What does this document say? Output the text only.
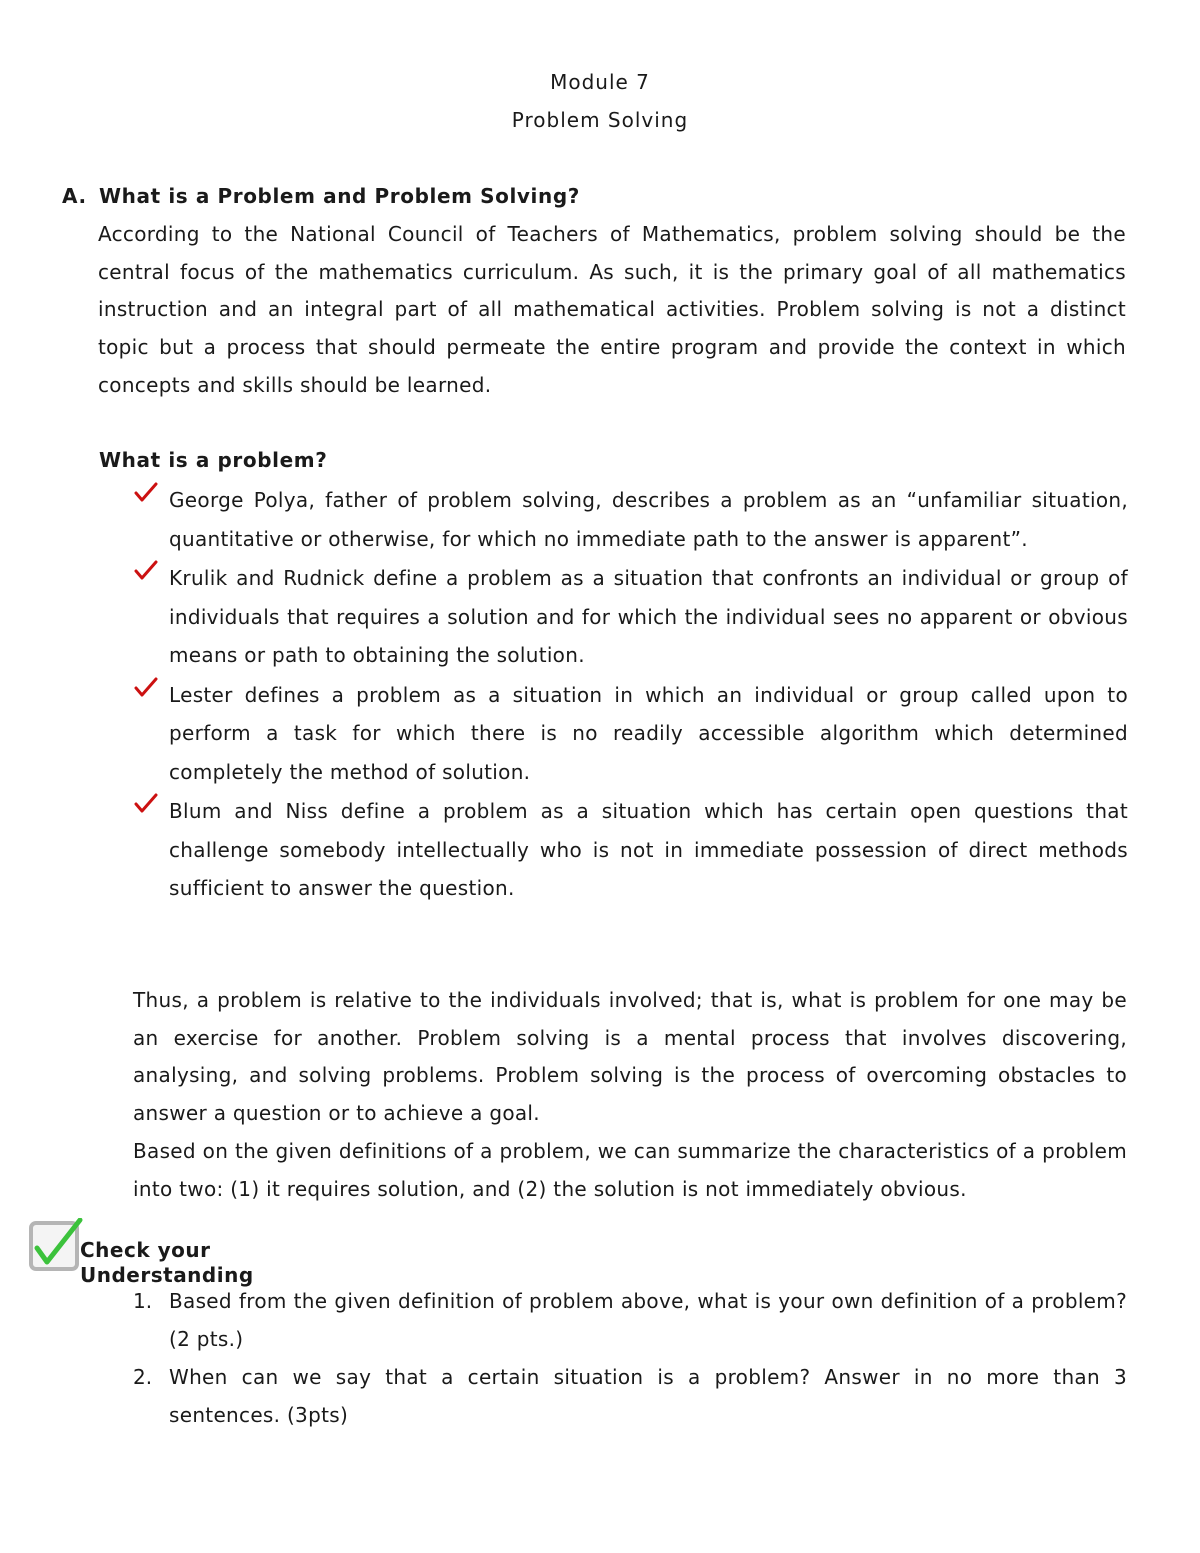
Module 7
Problem Solving
A. What is a Problem and Problem Solving?
According to the National Council of Teachers of Mathematics, problem solving should be the central focus of the mathematics curriculum. As such, it is the primary goal of all mathematics instruction and an integral part of all mathematical activities. Problem solving is not a distinct topic but a process that should permeate the entire program and provide the context in which concepts and skills should be learned.
What is a problem?
George Polya, father of problem solving, describes a problem as an “unfamiliar situation, quantitative or otherwise, for which no immediate path to the answer is apparent”.
Krulik and Rudnick define a problem as a situation that confronts an individual or group of individuals that requires a solution and for which the individual sees no apparent or obvious means or path to obtaining the solution.
Lester defines a problem as a situation in which an individual or group called upon to perform a task for which there is no readily accessible algorithm which determined completely the method of solution.
Blum and Niss define a problem as a situation which has certain open questions that challenge somebody intellectually who is not in immediate possession of direct methods sufficient to answer the question.
Thus, a problem is relative to the individuals involved; that is, what is problem for one may be an exercise for another. Problem solving is a mental process that involves discovering, analysing, and solving problems. Problem solving is the process of overcoming obstacles to answer a question or to achieve a goal.
Based on the given definitions of a problem, we can summarize the characteristics of a problem into two: (1) it requires solution, and (2) the solution is not immediately obvious.
Check your
Understanding
1. Based from the given definition of problem above, what is your own definition of a problem? (2 pts.)
2. When can we say that a certain situation is a problem? Answer in no more than 3 sentences. (3pts)
